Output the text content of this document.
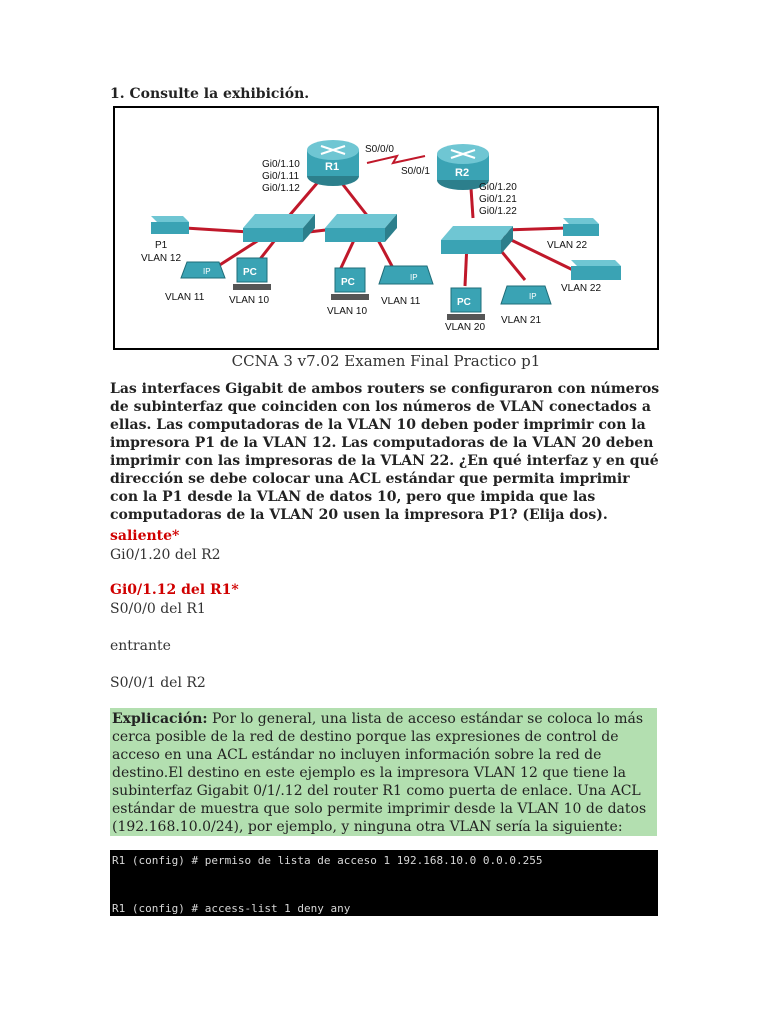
1. Consulte la exhibición.
R1	R2
PC
PC
PC
IP
IP
IP
S0/0/0
S0/0/1
Gi0/1.10
Gi0/1.11
Gi0/1.12	Gi0/1.20
Gi0/1.21
Gi0/1.22
P1
VLAN 12
VLAN 11 VLAN 10
VLAN 10
VLAN 11
VLAN 22
VLAN 22
VLAN 20
VLAN 21
CCNA 3 v7.02 Examen Final Practico p1
Las interfaces Gigabit de ambos routers se configuraron con números de subinterfaz que coinciden con los números de VLAN conectados a ellas. Las computadoras de la VLAN 10 deben poder imprimir con la impresora P1 de la VLAN 12. Las computadoras de la VLAN 20 deben imprimir con las impresoras de la VLAN 22. ¿En qué interfaz y en qué dirección se debe colocar una ACL estándar que permita imprimir con la P1 desde la VLAN de datos 10, pero que impida que las computadoras de la VLAN 20 usen la impresora P1? (Elija dos).
saliente*
Gi0/1.20 del R2
Gi0/1.12 del R1*
S0/0/0 del R1
entrante
S0/0/1 del R2
Explicación: Por lo general, una lista de acceso estándar se coloca lo más cerca posible de la red de destino porque las expresiones de control de acceso en una ACL estándar no incluyen información sobre la red de destino.El destino en este ejemplo es la impresora VLAN 12 que tiene la subinterfaz Gigabit 0/1/.12 del router R1 como puerta de enlace. Una ACL estándar de muestra que solo permite imprimir desde la VLAN 10 de datos (192.168.10.0/24), por ejemplo, y ninguna otra VLAN sería la siguiente:
R1 (config) # permiso de lista de acceso 1 192.168.10.0 0.0.0.255
R1 (config) # access-list 1 deny any
